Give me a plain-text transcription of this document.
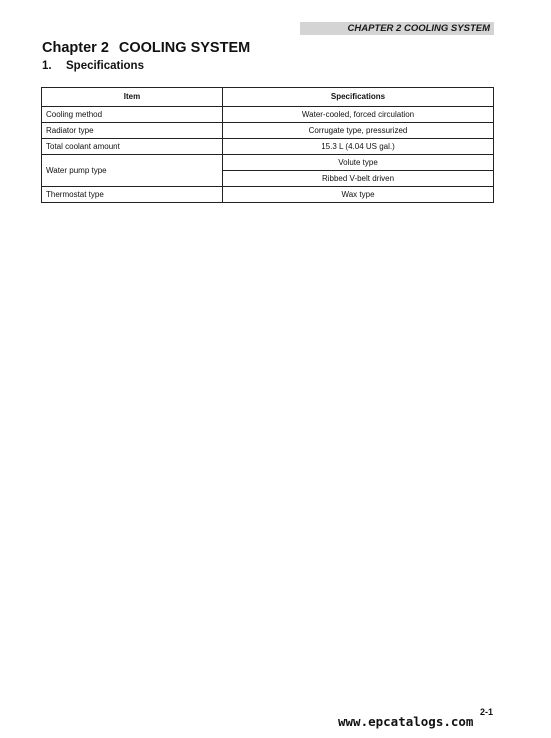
CHAPTER 2 COOLING SYSTEM
Chapter 2 COOLING SYSTEM
1. Specifications
Item	Specifications
Cooling method	Water-cooled, forced circulation
Radiator type	Corrugate type, pressurized
Total coolant amount	15.3 L (4.04 US gal.)
Water pump type	Volute type
	Ribbed V-belt driven
Thermostat type	Wax type
2-1
www.epcatalogs.com
